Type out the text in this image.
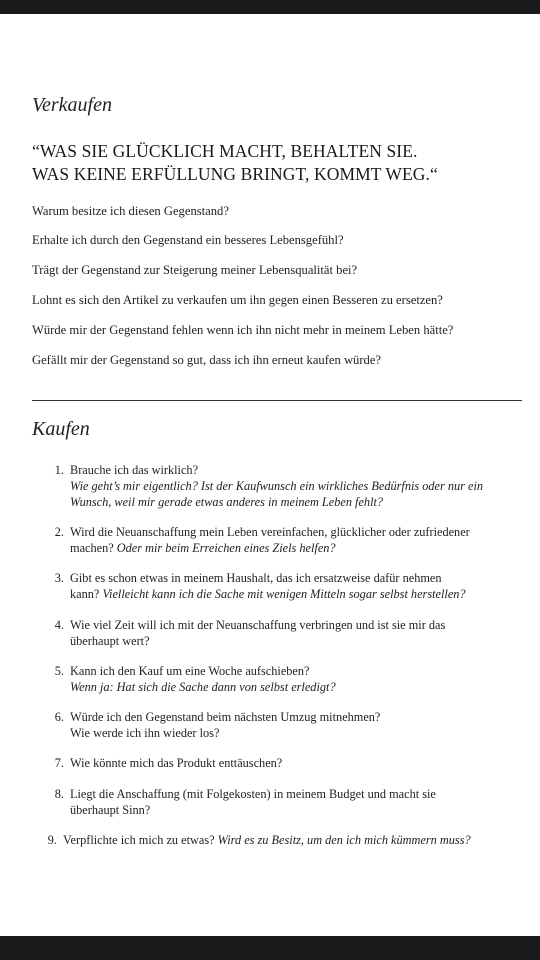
Verkaufen
“WAS SIE GLÜCKLICH MACHT, BEHALTEN SIE.
WAS KEINE ERFÜLLUNG BRINGT, KOMMT WEG.“
Warum besitze ich diesen Gegenstand?
Erhalte ich durch den Gegenstand ein besseres Lebensgefühl?
Trägt der Gegenstand zur Steigerung meiner Lebensqualität bei?
Lohnt es sich den Artikel zu verkaufen um ihn gegen einen Besseren zu ersetzen?
Würde mir der Gegenstand fehlen wenn ich ihn nicht mehr in meinem Leben hätte?
Gefällt mir der Gegenstand so gut, dass ich ihn erneut kaufen würde?
Kaufen
1. Brauche ich das wirklich?
Wie geht’s mir eigentlich? Ist der Kaufwunsch ein wirkliches Bedürfnis oder nur ein
Wunsch, weil mir gerade etwas anderes in meinem Leben fehlt?
2. Wird die Neuanschaffung mein Leben vereinfachen, glücklicher oder zufriedener
machen? Oder mir beim Erreichen eines Ziels helfen?
3. Gibt es schon etwas in meinem Haushalt, das ich ersatzweise dafür nehmen
kann? Vielleicht kann ich die Sache mit wenigen Mitteln sogar selbst herstellen?
4. Wie viel Zeit will ich mit der Neuanschaffung verbringen und ist sie mir das
überhaupt wert?
5. Kann ich den Kauf um eine Woche aufschieben?
Wenn ja: Hat sich die Sache dann von selbst erledigt?
6. Würde ich den Gegenstand beim nächsten Umzug mitnehmen?
Wie werde ich ihn wieder los?
7. Wie könnte mich das Produkt enttäuschen?
8. Liegt die Anschaffung (mit Folgekosten) in meinem Budget und macht sie
überhaupt Sinn?
9. Verpflichte ich mich zu etwas? Wird es zu Besitz, um den ich mich kümmern muss?
